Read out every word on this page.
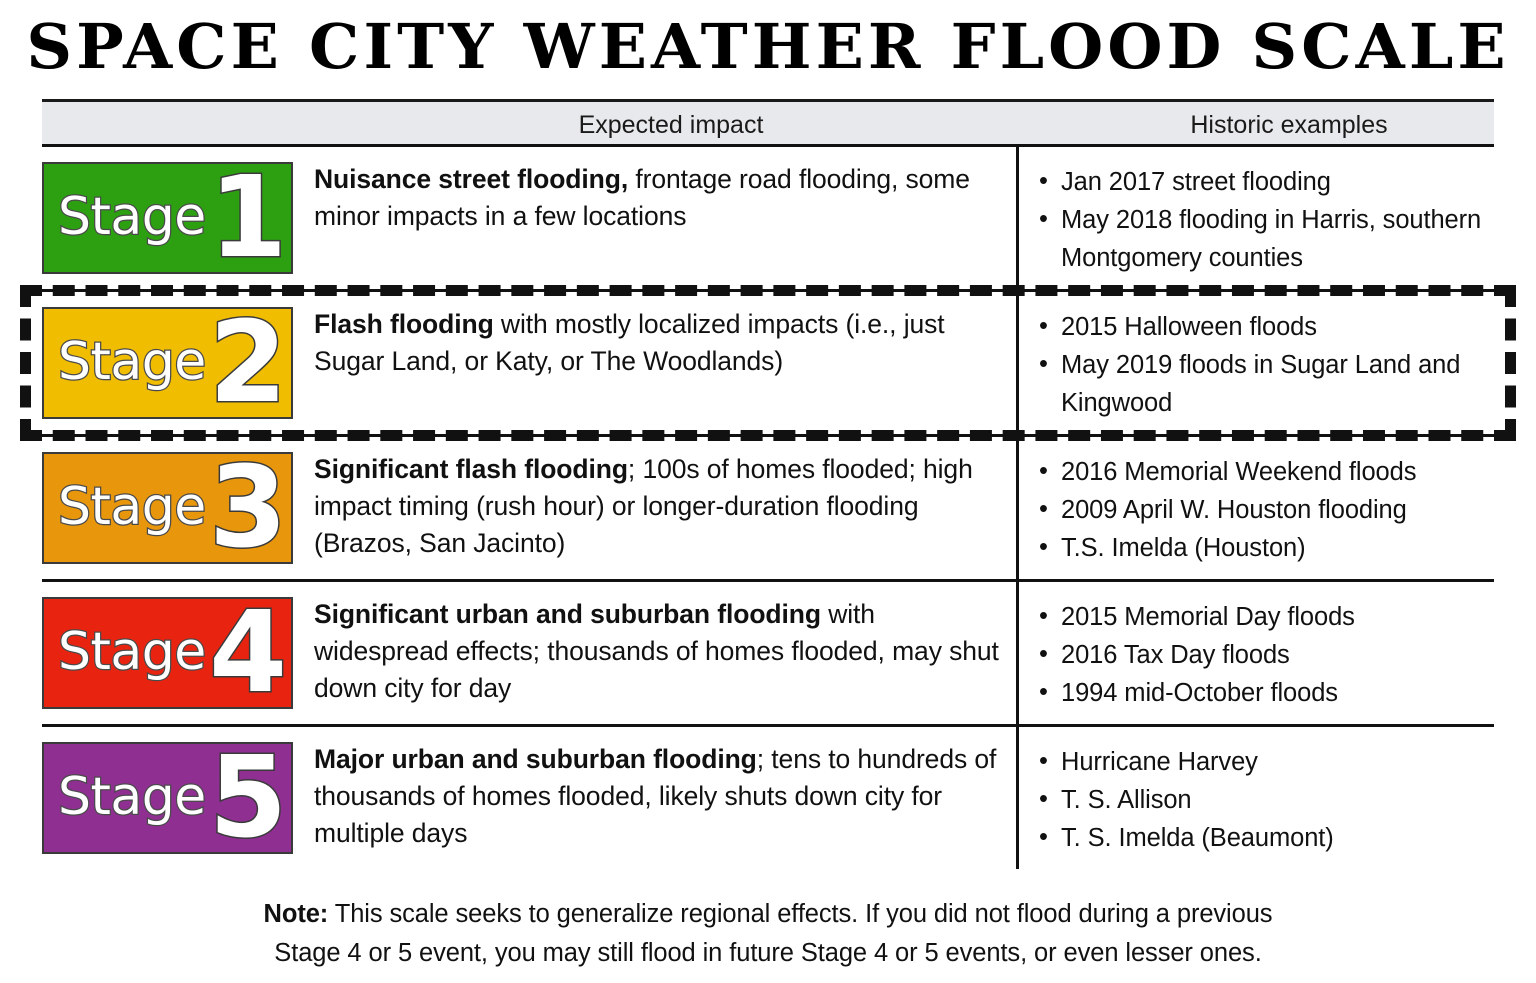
SPACE CITY WEATHER FLOOD SCALE
Expected impact	Historic examples
Stage 1 Nuisance street flooding, frontage road flooding, some minor impacts in a few locations
• Jan 2017 street flooding
• May 2018 flooding in Harris, southern Montgomery counties
Stage 2 Flash flooding with mostly localized impacts (i.e., just Sugar Land, or Katy, or The Woodlands)
• 2015 Halloween floods
• May 2019 floods in Sugar Land and Kingwood
Stage 3 Significant flash flooding; 100s of homes flooded; high impact timing (rush hour) or longer-duration flooding (Brazos, San Jacinto)
• 2016 Memorial Weekend floods
• 2009 April W. Houston flooding
• T.S. Imelda (Houston)
Stage 4 Significant urban and suburban flooding with widespread effects; thousands of homes flooded, may shut down city for day
• 2015 Memorial Day floods
• 2016 Tax Day floods
• 1994 mid-October floods
Stage 5 Major urban and suburban flooding; tens to hundreds of thousands of homes flooded, likely shuts down city for multiple days
• Hurricane Harvey
• T. S. Allison
• T. S. Imelda (Beaumont)
Note: This scale seeks to generalize regional effects. If you did not flood during a previous
Stage 4 or 5 event, you may still flood in future Stage 4 or 5 events, or even lesser ones.
